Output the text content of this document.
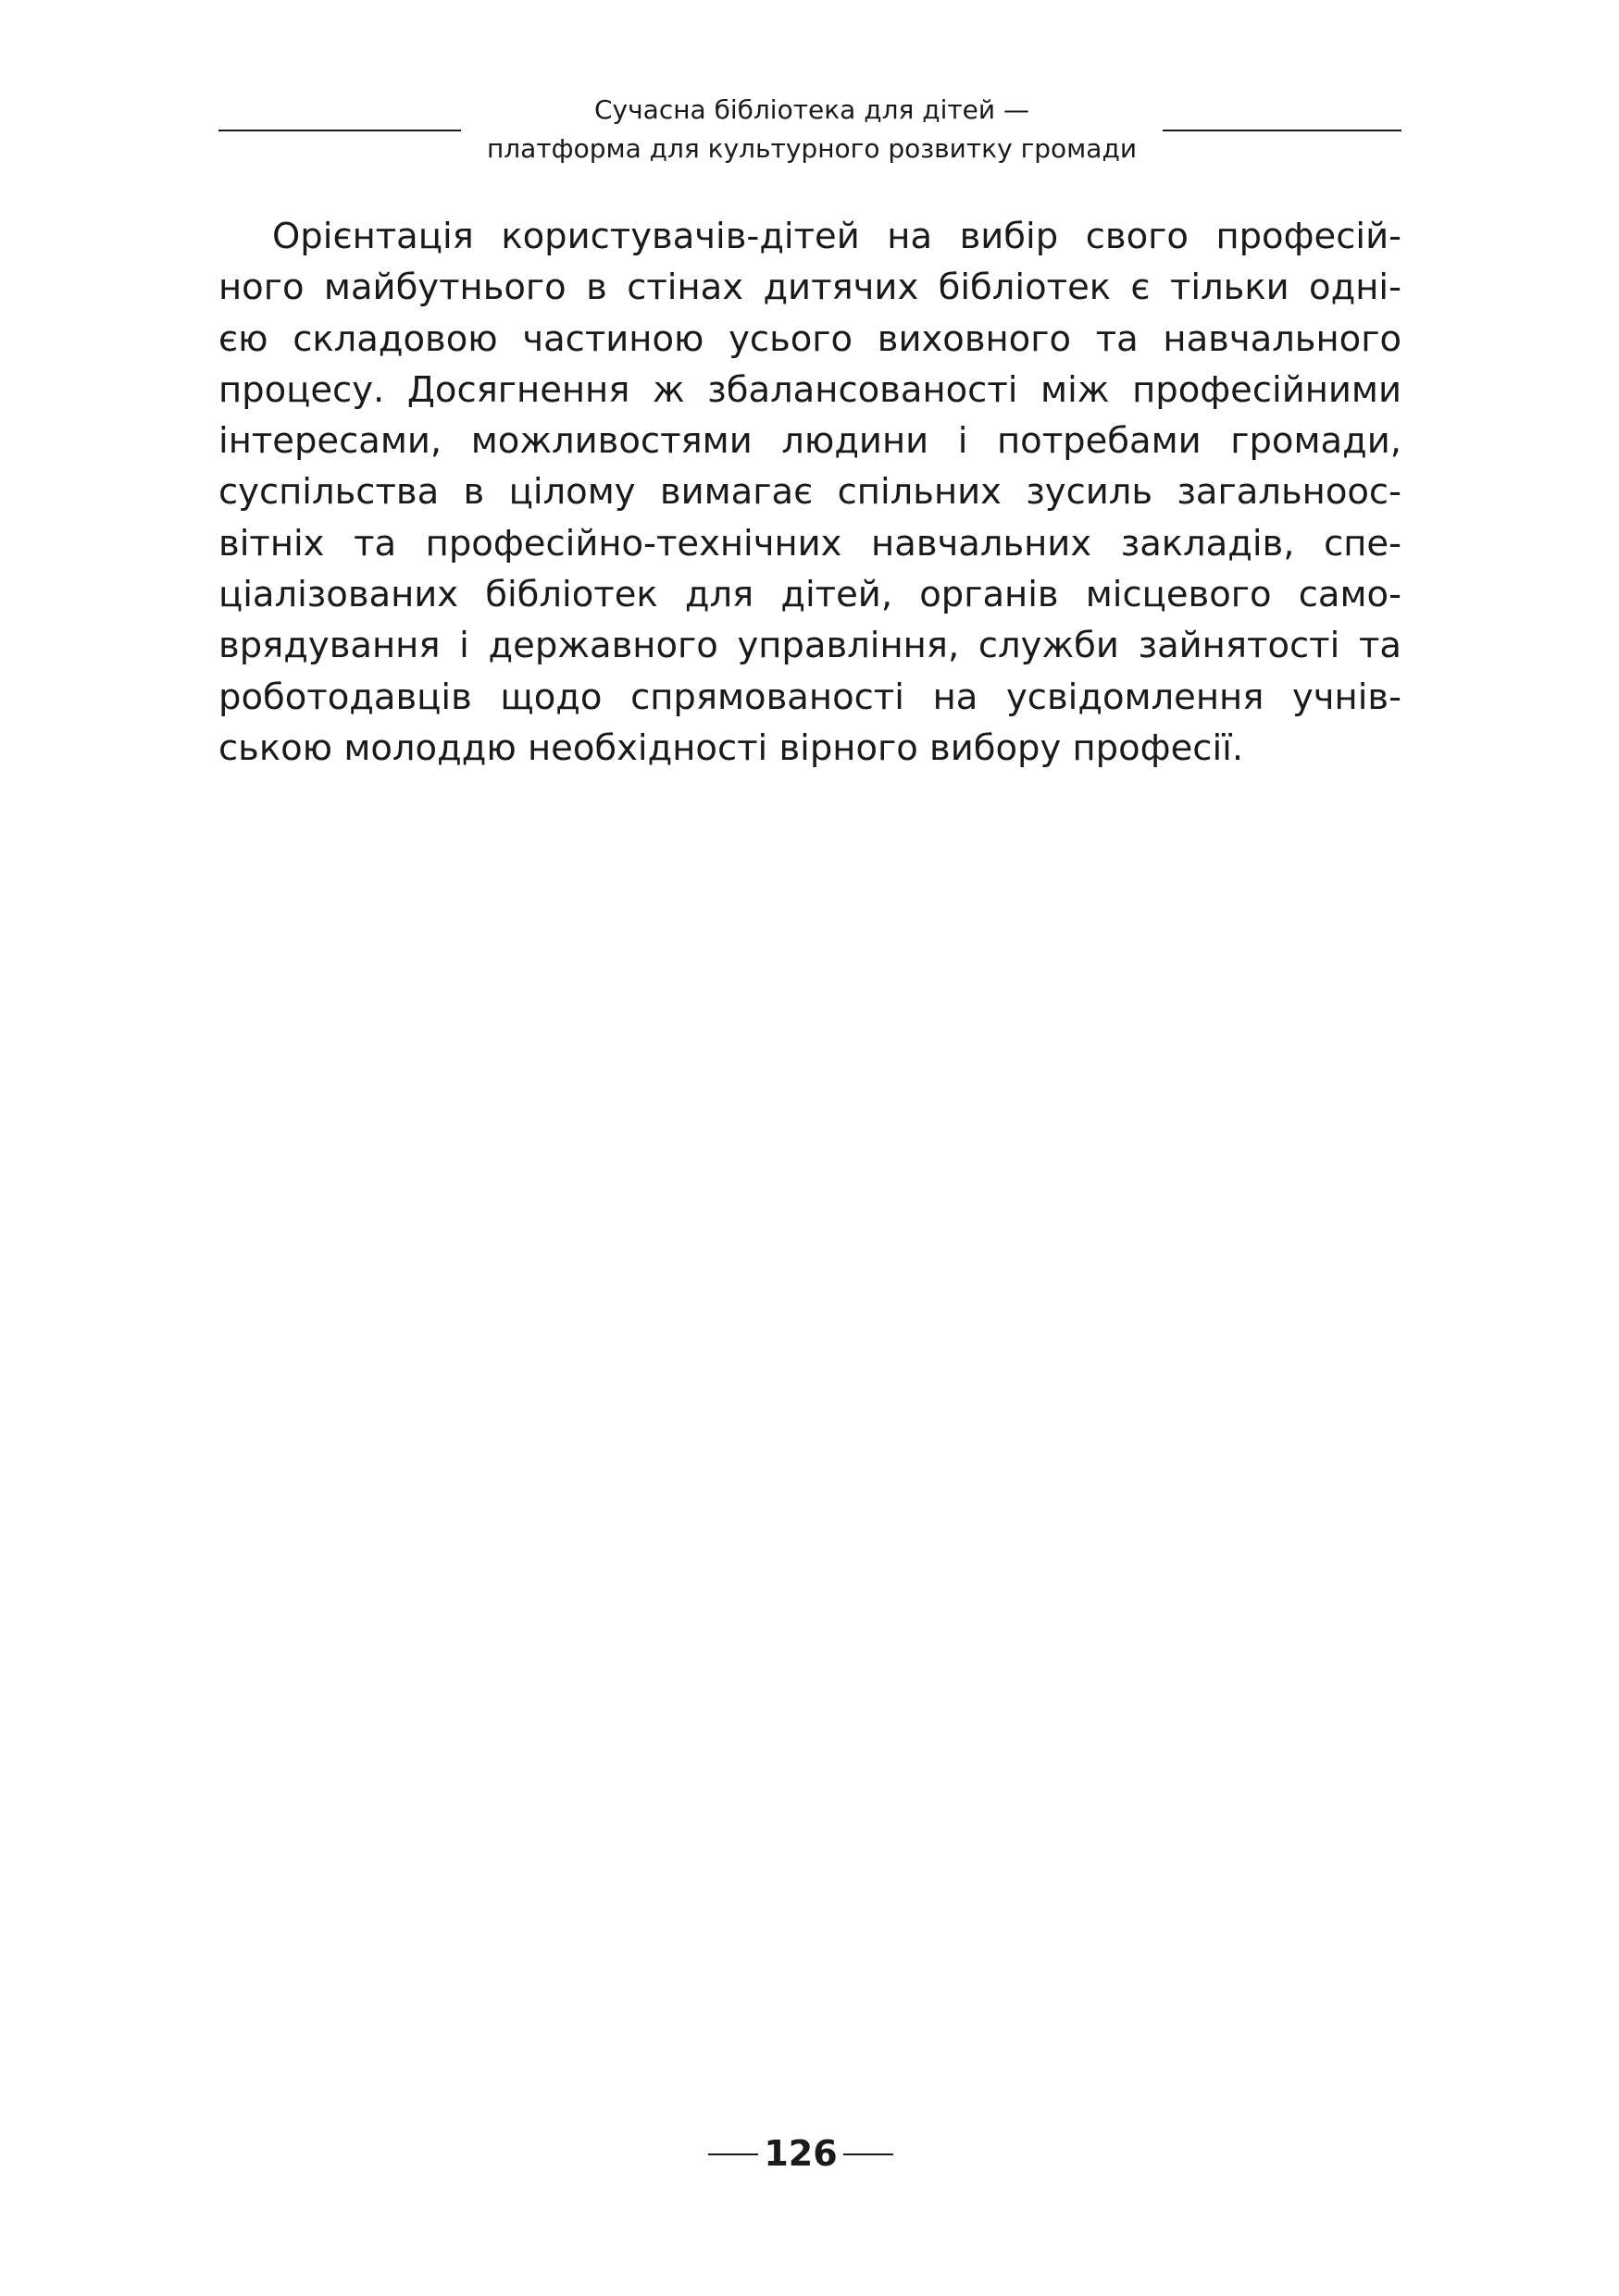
Сучасна бібліотека для дітей —
платформа для культурного розвитку громади

Орієнтація користувачів-дітей на вибір свого професій-
ного майбутнього в стінах дитячих бібліотек є тільки одні-
єю складовою частиною усього виховного та навчального
процесу. Досягнення ж збалансованості між професійними
інтересами, можливостями людини і потребами громади,
суспільства в цілому вимагає спільних зусиль загальноос-
вітніх та професійно-технічних навчальних закладів, спе-
ціалізованих бібліотек для дітей, органів місцевого само-
врядування і державного управління, служби зайнятості та
роботодавців щодо спрямованості на усвідомлення учнів-
ською молоддю необхідності вірного вибору професії.

126
